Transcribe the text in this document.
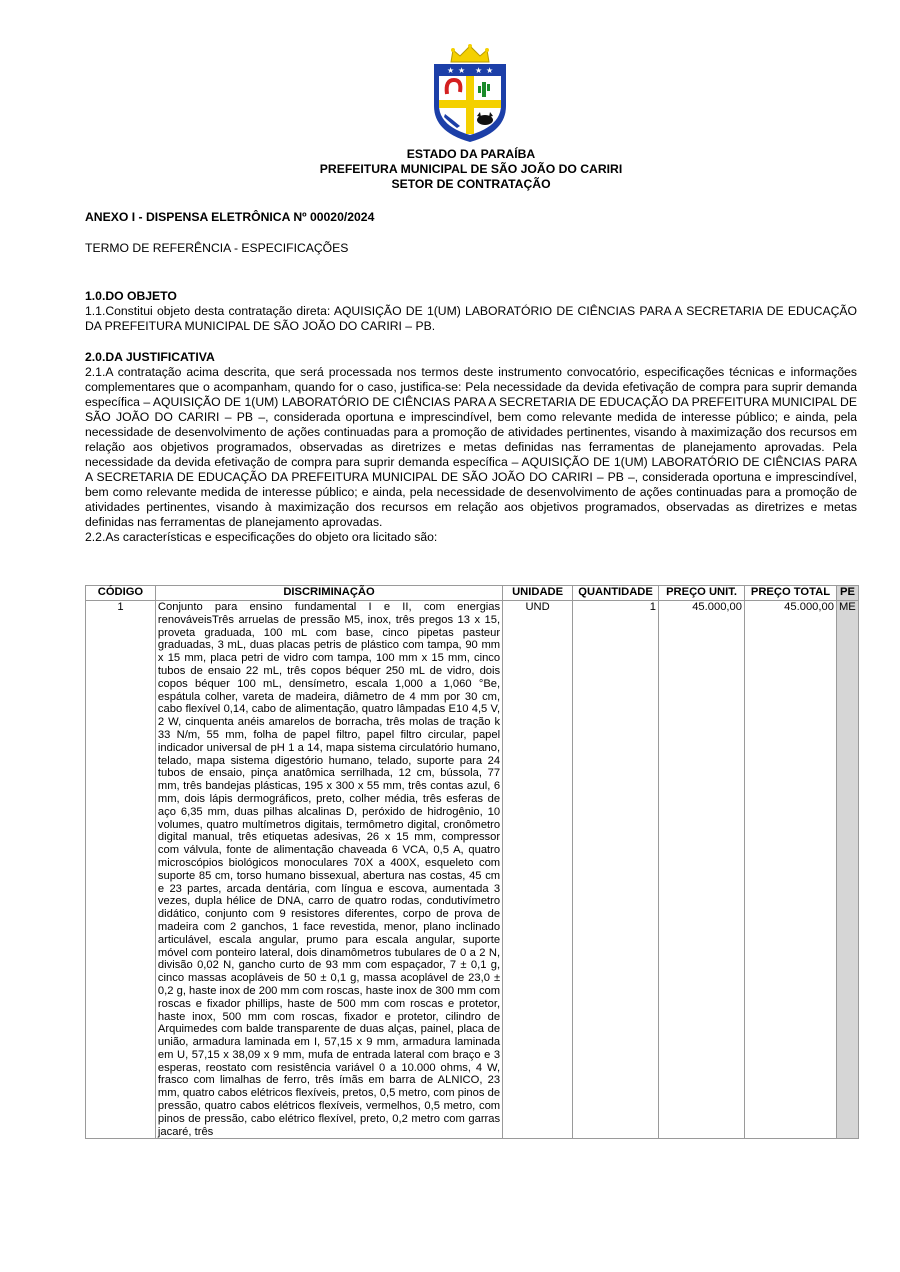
★ ★ ★ ★
ESTADO DA PARAÍBA
PREFEITURA MUNICIPAL DE SÃO JOÃO DO CARIRI
SETOR DE CONTRATAÇÃO
ANEXO I - DISPENSA ELETRÔNICA Nº 00020/2024
TERMO DE REFERÊNCIA - ESPECIFICAÇÕES
1.0.DO OBJETO
1.1.Constitui objeto desta contratação direta: AQUISIÇÃO DE 1(UM) LABORATÓRIO DE CIÊNCIAS PARA A SECRETARIA DE EDUCAÇÃO DA PREFEITURA MUNICIPAL DE SÃO JOÃO DO CARIRI – PB.
2.0.DA JUSTIFICATIVA
2.1.A contratação acima descrita, que será processada nos termos deste instrumento convocatório, especificações técnicas e informações complementares que o acompanham, quando for o caso, justifica-se: Pela necessidade da devida efetivação de compra para suprir demanda específica – AQUISIÇÃO DE 1(UM) LABORATÓRIO DE CIÊNCIAS PARA A SECRETARIA DE EDUCAÇÃO DA PREFEITURA MUNICIPAL DE SÃO JOÃO DO CARIRI – PB –, considerada oportuna e imprescindível, bem como relevante medida de interesse público; e ainda, pela necessidade de desenvolvimento de ações continuadas para a promoção de atividades pertinentes, visando à maximização dos recursos em relação aos objetivos programados, observadas as diretrizes e metas definidas nas ferramentas de planejamento aprovadas. Pela necessidade da devida efetivação de compra para suprir demanda específica – AQUISIÇÃO DE 1(UM) LABORATÓRIO DE CIÊNCIAS PARA A SECRETARIA DE EDUCAÇÃO DA PREFEITURA MUNICIPAL DE SÃO JOÃO DO CARIRI – PB –, considerada oportuna e imprescindível, bem como relevante medida de interesse público; e ainda, pela necessidade de desenvolvimento de ações continuadas para a promoção de atividades pertinentes, visando à maximização dos recursos em relação aos objetivos programados, observadas as diretrizes e metas definidas nas ferramentas de planejamento aprovadas.
2.2.As características e especificações do objeto ora licitado são:
CÓDIGO	DISCRIMINAÇÃO	UNIDADE	QUANTIDADE	PREÇO UNIT.	PREÇO TOTAL	PE
1	Conjunto para ensino fundamental I e II, com energias renováveisTrês arruelas de pressão M5, inox, três pregos 13 x 15, proveta graduada, 100 mL com base, cinco pipetas pasteur graduadas, 3 mL, duas placas petris de plástico com tampa, 90 mm x 15 mm, placa petri de vidro com tampa, 100 mm x 15 mm, cinco tubos de ensaio 22 mL, três copos béquer 250 mL de vidro, dois copos béquer 100 mL, densímetro, escala 1,000 a 1,060 °Be, espátula colher, vareta de madeira, diâmetro de 4 mm por 30 cm, cabo flexível 0,14, cabo de alimentação, quatro lâmpadas E10 4,5 V, 2 W, cinquenta anéis amarelos de borracha, três molas de tração k 33 N/m, 55 mm, folha de papel filtro, papel filtro circular, papel indicador universal de pH 1 a 14, mapa sistema circulatório humano, telado, mapa sistema digestório humano, telado, suporte para 24 tubos de ensaio, pinça anatômica serrilhada, 12 cm, bússola, 77 mm, três bandejas plásticas, 195 x 300 x 55 mm, três contas azul, 6 mm, dois lápis dermográficos, preto, colher média, três esferas de aço 6,35 mm, duas pilhas alcalinas D, peróxido de hidrogênio, 10 volumes, quatro multímetros digitais, termômetro digital, cronômetro digital manual, três etiquetas adesivas, 26 x 15 mm, compressor com válvula, fonte de alimentação chaveada 6 VCA, 0,5 A, quatro microscópios biológicos monoculares 70X a 400X, esqueleto com suporte 85 cm, torso humano bissexual, abertura nas costas, 45 cm e 23 partes, arcada dentária, com língua e escova, aumentada 3 vezes, dupla hélice de DNA, carro de quatro rodas, condutivímetro didático, conjunto com 9 resistores diferentes, corpo de prova de madeira com 2 ganchos, 1 face revestida, menor, plano inclinado articulável, escala angular, prumo para escala angular, suporte móvel com ponteiro lateral, dois dinamômetros tubulares de 0 a 2 N, divisão 0,02 N, gancho curto de 93 mm com espaçador, 7 ± 0,1 g, cinco massas acopláveis de 50 ± 0,1 g, massa acoplável de 23,0 ± 0,2 g, haste inox de 200 mm com roscas, haste inox de 300 mm com roscas e fixador phillips, haste de 500 mm com roscas e protetor, haste inox, 500 mm com roscas, fixador e protetor, cilindro de Arquimedes com balde transparente de duas alças, painel, placa de união, armadura laminada em I, 57,15 x 9 mm, armadura laminada em U, 57,15 x 38,09 x 9 mm, mufa de entrada lateral com braço e 3 esperas, reostato com resistência variável 0 a 10.000 ohms, 4 W, frasco com limalhas de ferro, três ímãs em barra de ALNICO, 23 mm, quatro cabos elétricos flexíveis, pretos, 0,5 metro, com pinos de pressão, quatro cabos elétricos flexíveis, vermelhos, 0,5 metro, com pinos de pressão, cabo elétrico flexível, preto, 0,2 metro com garras jacaré, três	UND	1	45.000,00	45.000,00	ME
